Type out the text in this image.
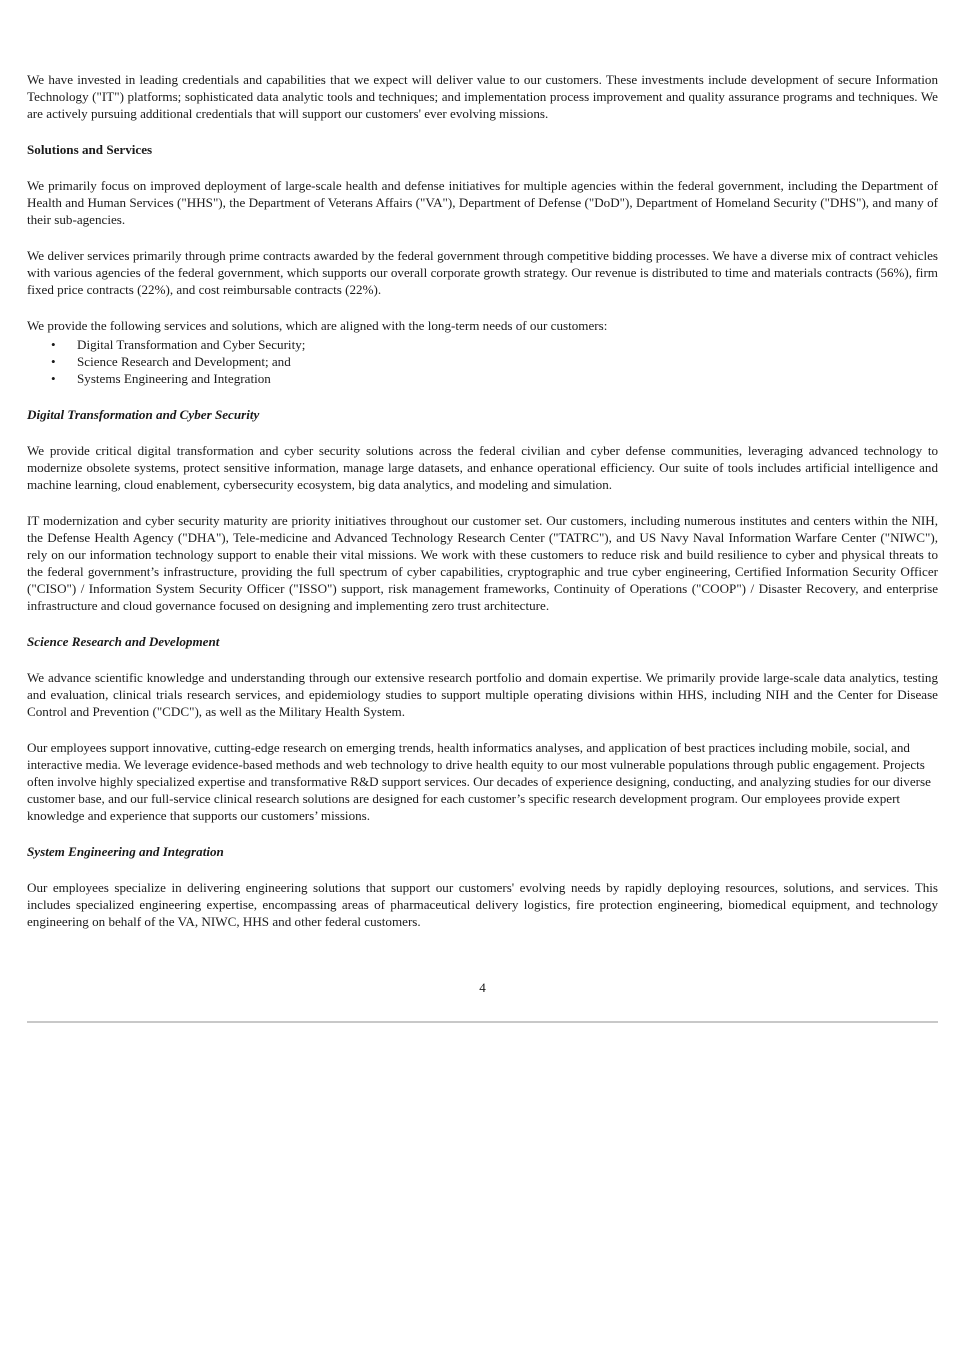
We have invested in leading credentials and capabilities that we expect will deliver value to our customers. These investments include development of secure Information Technology ("IT") platforms; sophisticated data analytic tools and techniques; and implementation process improvement and quality assurance programs and techniques. We are actively pursuing additional credentials that will support our customers' ever evolving missions.

Solutions and Services

We primarily focus on improved deployment of large-scale health and defense initiatives for multiple agencies within the federal government, including the Department of Health and Human Services ("HHS"), the Department of Veterans Affairs ("VA"), Department of Defense ("DoD"), Department of Homeland Security ("DHS"), and many of their sub-agencies.

We deliver services primarily through prime contracts awarded by the federal government through competitive bidding processes. We have a diverse mix of contract vehicles with various agencies of the federal government, which supports our overall corporate growth strategy. Our revenue is distributed to time and materials contracts (56%), firm fixed price contracts (22%), and cost reimbursable contracts (22%).

We provide the following services and solutions, which are aligned with the long-term needs of our customers:

• Digital Transformation and Cyber Security;
• Science Research and Development; and
• Systems Engineering and Integration

Digital Transformation and Cyber Security

We provide critical digital transformation and cyber security solutions across the federal civilian and cyber defense communities, leveraging advanced technology to modernize obsolete systems, protect sensitive information, manage large datasets, and enhance operational efficiency. Our suite of tools includes artificial intelligence and machine learning, cloud enablement, cybersecurity ecosystem, big data analytics, and modeling and simulation.

IT modernization and cyber security maturity are priority initiatives throughout our customer set. Our customers, including numerous institutes and centers within the NIH, the Defense Health Agency ("DHA"), Tele-medicine and Advanced Technology Research Center ("TATRC"), and US Navy Naval Information Warfare Center ("NIWC"), rely on our information technology support to enable their vital missions. We work with these customers to reduce risk and build resilience to cyber and physical threats to the federal government’s infrastructure, providing the full spectrum of cyber capabilities, cryptographic and true cyber engineering, Certified Information Security Officer ("CISO") / Information System Security Officer ("ISSO") support, risk management frameworks, Continuity of Operations ("COOP") / Disaster Recovery, and enterprise infrastructure and cloud governance focused on designing and implementing zero trust architecture.

Science Research and Development

We advance scientific knowledge and understanding through our extensive research portfolio and domain expertise. We primarily provide large-scale data analytics, testing and evaluation, clinical trials research services, and epidemiology studies to support multiple operating divisions within HHS, including NIH and the Center for Disease Control and Prevention ("CDC"), as well as the Military Health System.

Our employees support innovative, cutting-edge research on emerging trends, health informatics analyses, and application of best practices including mobile, social, and interactive media. We leverage evidence-based methods and web technology to drive health equity to our most vulnerable populations through public engagement. Projects often involve highly specialized expertise and transformative R&D support services. Our decades of experience designing, conducting, and analyzing studies for our diverse customer base, and our full-service clinical research solutions are designed for each customer’s specific research development program. Our employees provide expert knowledge and experience that supports our customers’ missions.

System Engineering and Integration

Our employees specialize in delivering engineering solutions that support our customers' evolving needs by rapidly deploying resources, solutions, and services. This includes specialized engineering expertise, encompassing areas of pharmaceutical delivery logistics, fire protection engineering, biomedical equipment, and technology engineering on behalf of the VA, NIWC, HHS and other federal customers.

4
